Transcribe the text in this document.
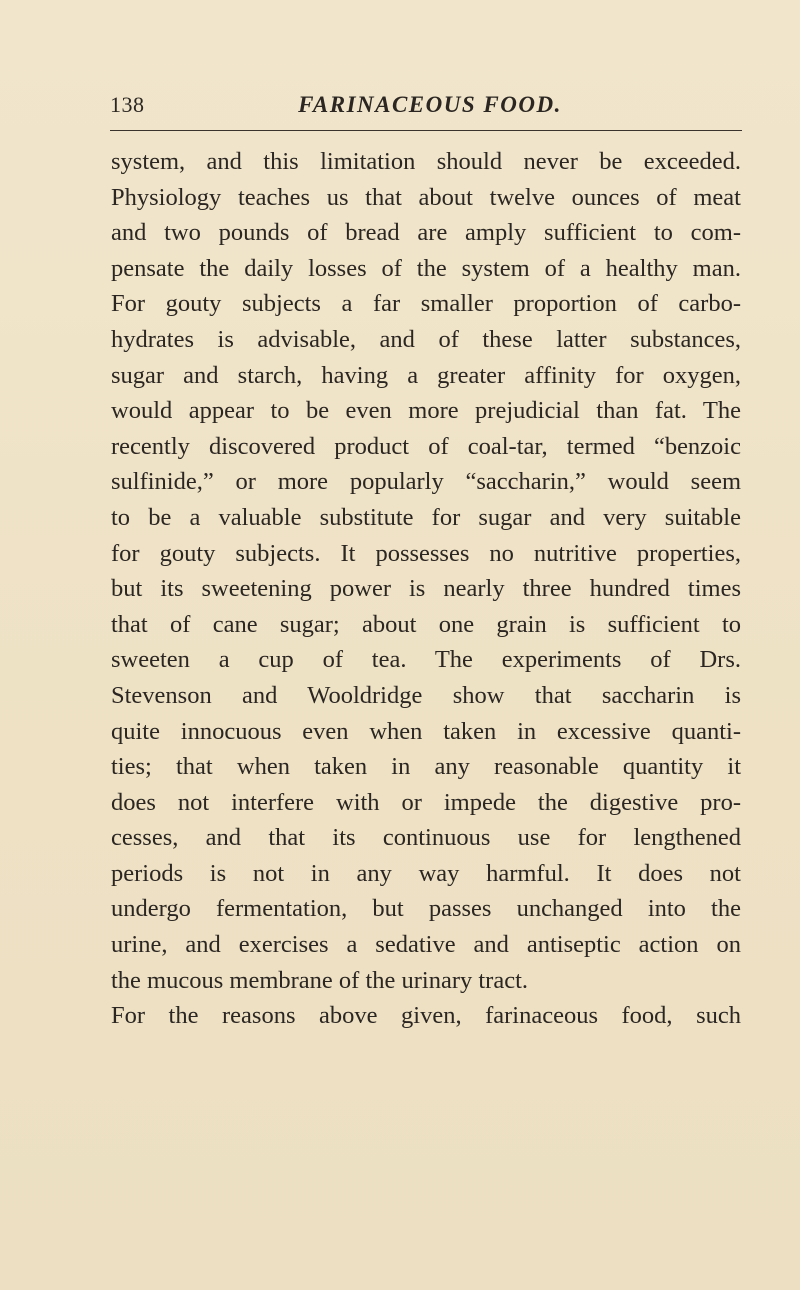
138	FARINACEOUS FOOD.
system, and this limitation should never be exceeded.
Physiology teaches us that about twelve ounces of meat
and two pounds of bread are amply sufficient to com-
pensate the daily losses of the system of a healthy man.
For gouty subjects a far smaller proportion of carbo-
hydrates is advisable, and of these latter substances,
sugar and starch, having a greater affinity for oxygen,
would appear to be even more prejudicial than fat. The
recently discovered product of coal-tar, termed “benzoic
sulfinide,” or more popularly “saccharin,” would seem
to be a valuable substitute for sugar and very suitable
for gouty subjects. It possesses no nutritive properties,
but its sweetening power is nearly three hundred times
that of cane sugar; about one grain is sufficient to
sweeten a cup of tea. The experiments of Drs.
Stevenson and Wooldridge show that saccharin is
quite innocuous even when taken in excessive quanti-
ties; that when taken in any reasonable quantity it
does not interfere with or impede the digestive pro-
cesses, and that its continuous use for lengthened
periods is not in any way harmful. It does not
undergo fermentation, but passes unchanged into the
urine, and exercises a sedative and antiseptic action on
the mucous membrane of the urinary tract.
For the reasons above given, farinaceous food, such
